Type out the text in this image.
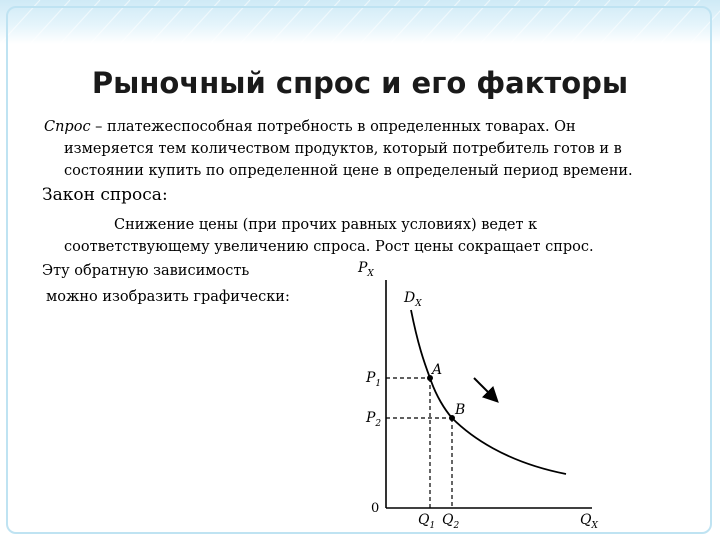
Рыночный спрос и его факторы
Спрос – платежеспособная потребность в определенных товарах. Он
измеряется тем количеством продуктов, который потребитель готов и в
состоянии купить по определенной цене в определеный период времени.
Закон спроса:
Снижение цены (при прочих равных условиях) ведет к
соответствующему увеличению спроса. Рост цены сокращает спрос.
Эту обратную зависимость
можно изобразить графически:
$P_X$
$D_X$
A
B
$P_1$
$P_2$
0
$Q_1$ $Q_2$	$Q_X$
